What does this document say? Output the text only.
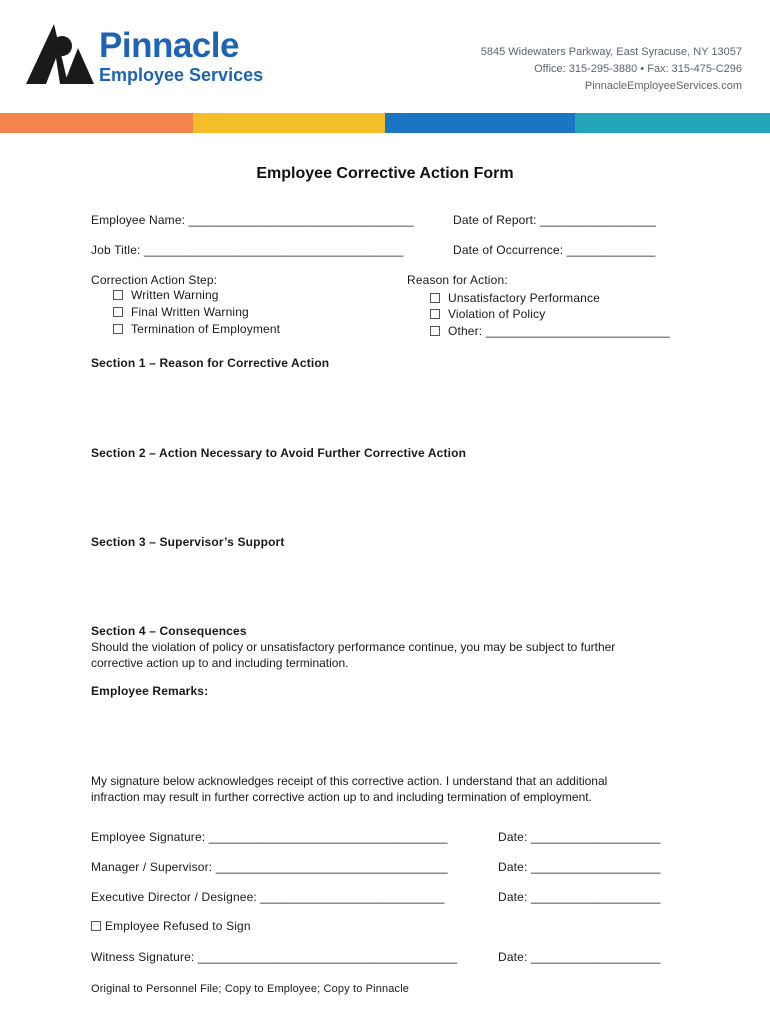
Pinnacle
Employee Services
5845 Widewaters Parkway, East Syracuse, NY 13057
Office: 315-295-3880 • Fax: 315-475-C296
PinnacleEmployeeServices.com
Employee Corrective Action Form
Employee Name: _________________________________	Date of Report: _________________
Job Title: ______________________________________	Date of Occurrence: _____________
Correction Action Step:
Written Warning
Final Written Warning
Termination of Employment
Reason for Action:
Unsatisfactory Performance
Violation of Policy
Other: ___________________________
Section 1 – Reason for Corrective Action
Section 2 – Action Necessary to Avoid Further Corrective Action
Section 3 – Supervisor’s Support
Section 4 – Consequences
Should the violation of policy or unsatisfactory performance continue, you may be subject to further corrective action up to and including termination.
Employee Remarks:
My signature below acknowledges receipt of this corrective action. I understand that an additional infraction may result in further corrective action up to and including termination of employment.
Employee Signature: ___________________________________	Date: ___________________
Manager / Supervisor: __________________________________	Date: ___________________
Executive Director / Designee: ___________________________	Date: ___________________
Employee Refused to Sign
Witness Signature: ______________________________________	Date: ___________________
Original to Personnel File; Copy to Employee; Copy to Pinnacle
